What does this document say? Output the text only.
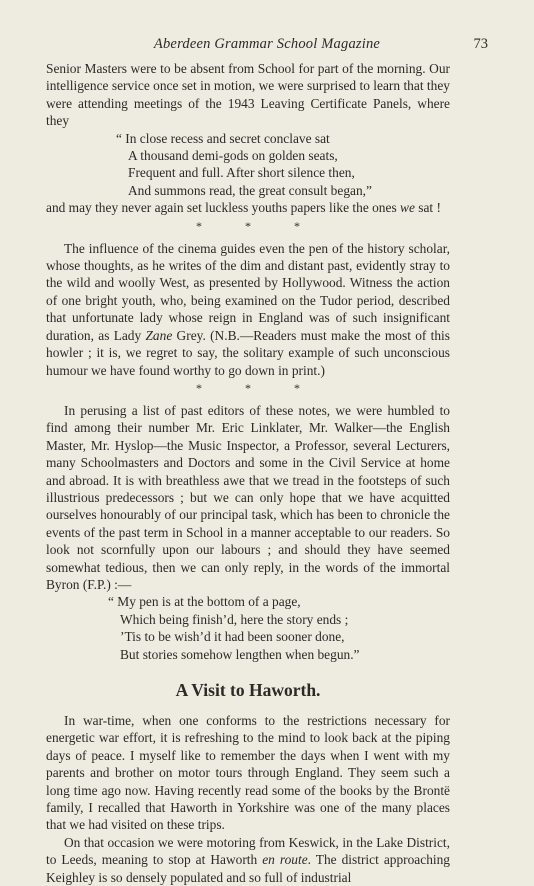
Aberdeen Grammar School Magazine	73

Senior Masters were to be absent from School for part of the morning. Our intelligence service once set in motion, we were surprised to learn that they were attending meetings of the 1943 Leaving Certificate Panels, where they

“ In close recess and secret conclave sat
A thousand demi-gods on golden seats,
Frequent and full. After short silence then,
And summons read, the great consult began,”

and may they never again set luckless youths papers like the ones we sat !

* * *

The influence of the cinema guides even the pen of the history scholar, whose thoughts, as he writes of the dim and distant past, evidently stray to the wild and woolly West, as presented by Hollywood. Witness the action of one bright youth, who, being examined on the Tudor period, described that unfortunate lady whose reign in England was of such insignificant duration, as Lady Zane Grey. (N.B.—Readers must make the most of this howler ; it is, we regret to say, the solitary example of such unconscious humour we have found worthy to go down in print.)

* * *

In perusing a list of past editors of these notes, we were humbled to find among their number Mr. Eric Linklater, Mr. Walker—the English Master, Mr. Hyslop—the Music Inspector, a Professor, several Lecturers, many Schoolmasters and Doctors and some in the Civil Service at home and abroad. It is with breathless awe that we tread in the footsteps of such illustrious predecessors ; but we can only hope that we have acquitted ourselves honourably of our principal task, which has been to chronicle the events of the past term in School in a manner acceptable to our readers. So look not scornfully upon our labours ; and should they have seemed somewhat tedious, then we can only reply, in the words of the immortal Byron (F.P.) :—

“ My pen is at the bottom of a page,
Which being finish’d, here the story ends ;
’Tis to be wish’d it had been sooner done,
But stories somehow lengthen when begun.”
A Visit to Haworth.

In war-time, when one conforms to the restrictions necessary for energetic war effort, it is refreshing to the mind to look back at the piping days of peace. I myself like to remember the days when I went with my parents and brother on motor tours through England. They seem such a long time ago now. Having recently read some of the books by the Brontë family, I recalled that Haworth in Yorkshire was one of the many places that we had visited on these trips.

On that occasion we were motoring from Keswick, in the Lake District, to Leeds, meaning to stop at Haworth en route. The district approaching Keighley is so densely populated and so full of industrial
